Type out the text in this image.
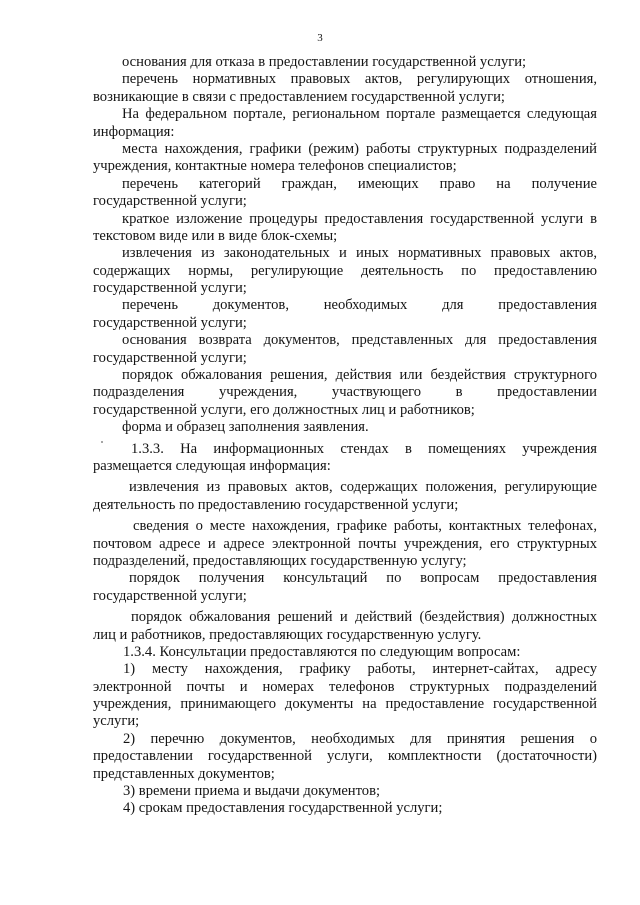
3
основания для отказа в предоставлении государственной услуги;
перечень нормативных правовых актов, регулирующих отношения,
возникающие в связи с предоставлением государственной услуги;
На федеральном портале, региональном портале размещается следующая
информация:
места нахождения, графики (режим) работы структурных подразделений
учреждения, контактные номера телефонов специалистов;
перечень категорий граждан, имеющих право на получение
государственной услуги;
краткое изложение процедуры предоставления государственной услуги в
текстовом виде или в виде блок-схемы;
извлечения из законодательных и иных нормативных правовых актов,
содержащих нормы, регулирующие деятельность по предоставлению
государственной услуги;
перечень документов, необходимых для предоставления
государственной услуги;
основания возврата документов, представленных для предоставления
государственной услуги;
порядок обжалования решения, действия или бездействия структурного
подразделения учреждения, участвующего в предоставлении
государственной услуги, его должностных лиц и работников;
форма и образец заполнения заявления.
1.3.3. На информационных стендах в помещениях учреждения
размещается следующая информация:
извлечения из правовых актов, содержащих положения, регулирующие
деятельность по предоставлению государственной услуги;
сведения о месте нахождения, графике работы, контактных телефонах,
почтовом адресе и адресе электронной почты учреждения, его структурных
подразделений, предоставляющих государственную услугу;
порядок получения консультаций по вопросам предоставления
государственной услуги;
порядок обжалования решений и действий (бездействия) должностных
лиц и работников, предоставляющих государственную услугу.
1.3.4. Консультации предоставляются по следующим вопросам:
1) месту нахождения, графику работы, интернет-сайтах, адресу
электронной почты и номерах телефонов структурных подразделений
учреждения, принимающего документы на предоставление государственной
услуги;
2) перечню документов, необходимых для принятия решения о
предоставлении государственной услуги, комплектности (достаточности)
представленных документов;
3) времени приема и выдачи документов;
4) срокам предоставления государственной услуги;
